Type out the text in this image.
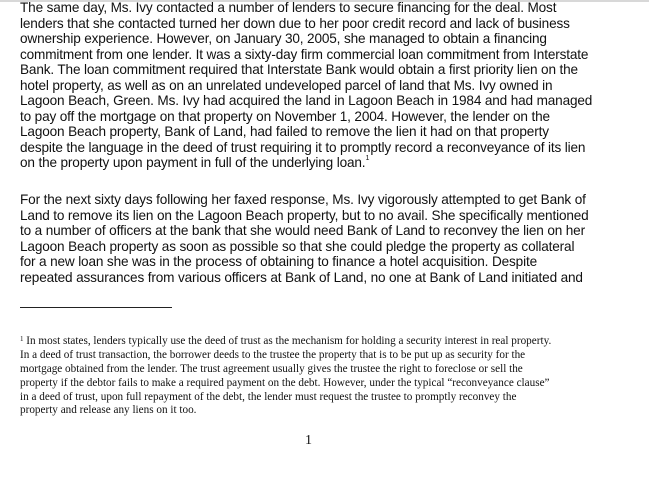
The same day, Ms. Ivy contacted a number of lenders to secure financing for the deal. Most
lenders that she contacted turned her down due to her poor credit record and lack of business
ownership experience. However, on January 30, 2005, she managed to obtain a financing
commitment from one lender. It was a sixty-day firm commercial loan commitment from Interstate
Bank. The loan commitment required that Interstate Bank would obtain a first priority lien on the
hotel property, as well as on an unrelated undeveloped parcel of land that Ms. Ivy owned in
Lagoon Beach, Green. Ms. Ivy had acquired the land in Lagoon Beach in 1984 and had managed
to pay off the mortgage on that property on November 1, 2004. However, the lender on the
Lagoon Beach property, Bank of Land, had failed to remove the lien it had on that property
despite the language in the deed of trust requiring it to promptly record a reconveyance of its lien
on the property upon payment in full of the underlying loan.$^1$
For the next sixty days following her faxed response, Ms. Ivy vigorously attempted to get Bank of
Land to remove its lien on the Lagoon Beach property, but to no avail. She specifically mentioned
to a number of officers at the bank that she would need Bank of Land to reconvey the lien on her
Lagoon Beach property as soon as possible so that she could pledge the property as collateral
for a new loan she was in the process of obtaining to finance a hotel acquisition. Despite
repeated assurances from various officers at Bank of Land, no one at Bank of Land initiated and
$^1$ In most states, lenders typically use the deed of trust as the mechanism for holding a security interest in real property.
In a deed of trust transaction, the borrower deeds to the trustee the property that is to be put up as security for the
mortgage obtained from the lender. The trust agreement usually gives the trustee the right to foreclose or sell the
property if the debtor fails to make a required payment on the debt. However, under the typical “reconveyance clause”
in a deed of trust, upon full repayment of the debt, the lender must request the trustee to promptly reconvey the
property and release any liens on it too.
1
